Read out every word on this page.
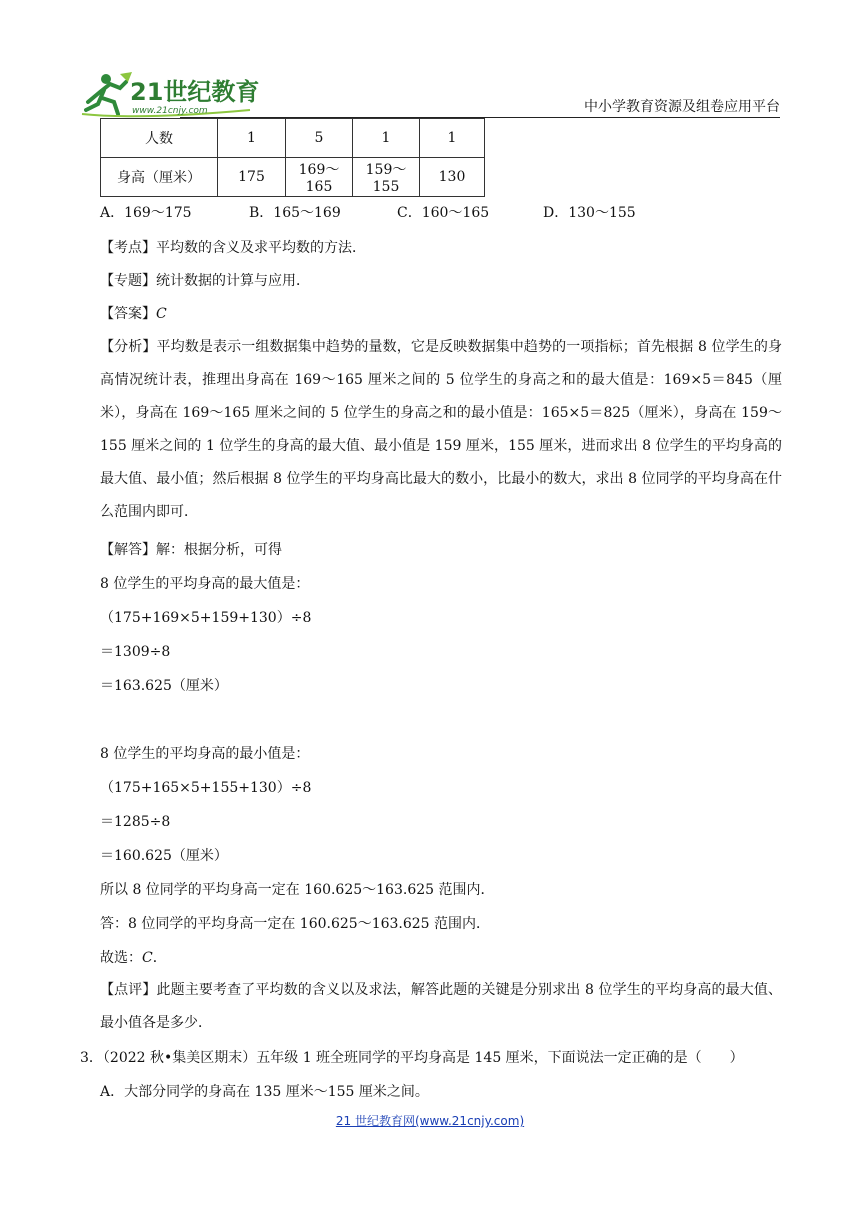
21世纪教育
www.21cnjy.com	中小学教育资源及组卷应用平台
人数	1	5	1	1
身高（厘米）	175	169～165	159～155	130
A．169～175	B．165～169	C．160～165	D．130～155
【考点】平均数的含义及求平均数的方法．
【专题】统计数据的计算与应用．
【答案】C
【分析】平均数是表示一组数据集中趋势的量数，它是反映数据集中趋势的一项指标；首先根据 8 位学生的身高情况统计表，推理出身高在 169～165 厘米之间的 5 位学生的身高之和的最大值是：169×5＝845（厘米），身高在 169～165 厘米之间的 5 位学生的身高之和的最小值是：165×5＝825（厘米），身高在 159～155 厘米之间的 1 位学生的身高的最大值、最小值是 159 厘米，155 厘米，进而求出 8 位学生的平均身高的最大值、最小值；然后根据 8 位学生的平均身高比最大的数小，比最小的数大，求出 8 位同学的平均身高在什么范围内即可．
【解答】解：根据分析，可得
8 位学生的平均身高的最大值是：
（175+169×5+159+130）÷8
＝1309÷8
＝163.625（厘米）
8 位学生的平均身高的最小值是：
（175+165×5+155+130）÷8
＝1285÷8
＝160.625（厘米）
所以 8 位同学的平均身高一定在 160.625～163.625 范围内．
答：8 位同学的平均身高一定在 160.625～163.625 范围内．
故选：C．
【点评】此题主要考查了平均数的含义以及求法，解答此题的关键是分别求出 8 位学生的平均身高的最大值、最小值各是多少．
3．（2022 秋•集美区期末）五年级 1 班全班同学的平均身高是 145 厘米，下面说法一定正确的是（　　）
A．大部分同学的身高在 135 厘米～155 厘米之间。
21 世纪教育网(www.21cnjy.com)
